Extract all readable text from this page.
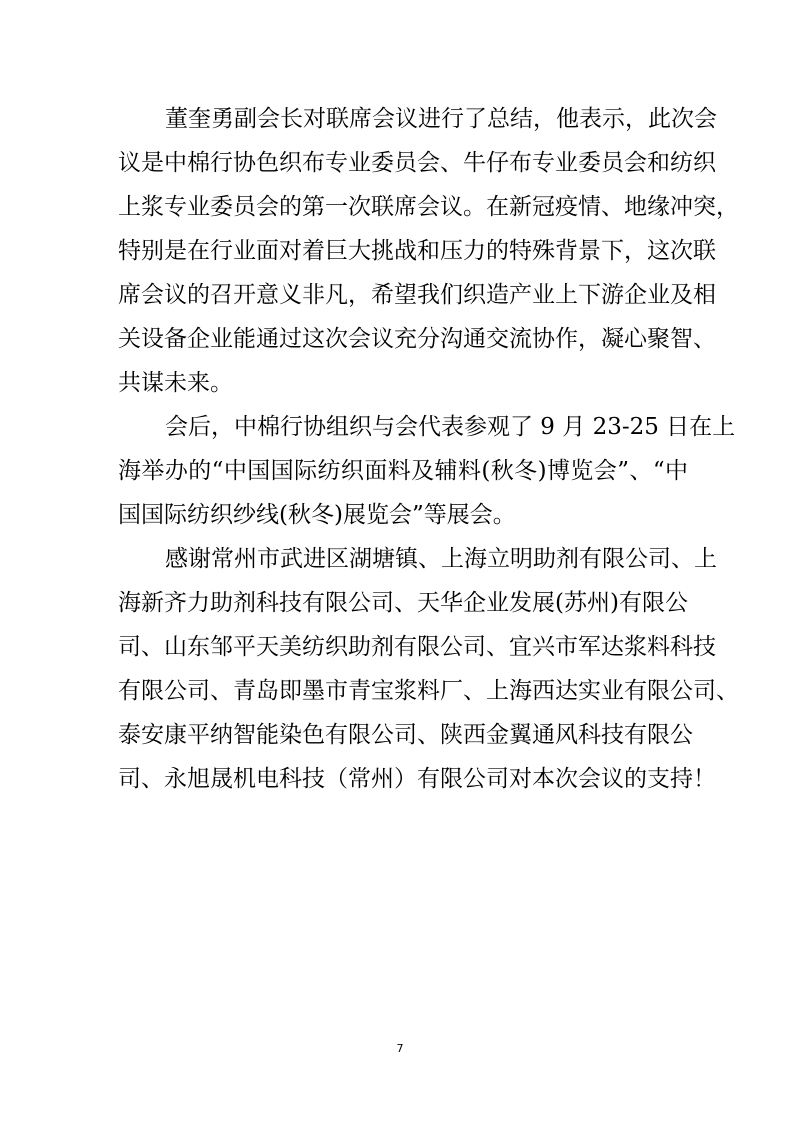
董奎勇副会长对联席会议进行了总结，他表示，此次会
议是中棉行协色织布专业委员会、牛仔布专业委员会和纺织
上浆专业委员会的第一次联席会议。在新冠疫情、地缘冲突，
特别是在行业面对着巨大挑战和压力的特殊背景下，这次联
席会议的召开意义非凡，希望我们织造产业上下游企业及相
关设备企业能通过这次会议充分沟通交流协作，凝心聚智、
共谋未来。
会后，中棉行协组织与会代表参观了 9 月 23-25 日在上
海举办的“中国国际纺织面料及辅料(秋冬)博览会”、“中
国国际纺织纱线(秋冬)展览会”等展会。
感谢常州市武进区湖塘镇、上海立明助剂有限公司、上
海新齐力助剂科技有限公司、天华企业发展(苏州)有限公
司、山东邹平天美纺织助剂有限公司、宜兴市军达浆料科技
有限公司、青岛即墨市青宝浆料厂、上海西达实业有限公司、
泰安康平纳智能染色有限公司、陕西金翼通风科技有限公
司、永旭晟机电科技（常州）有限公司对本次会议的支持！
7
